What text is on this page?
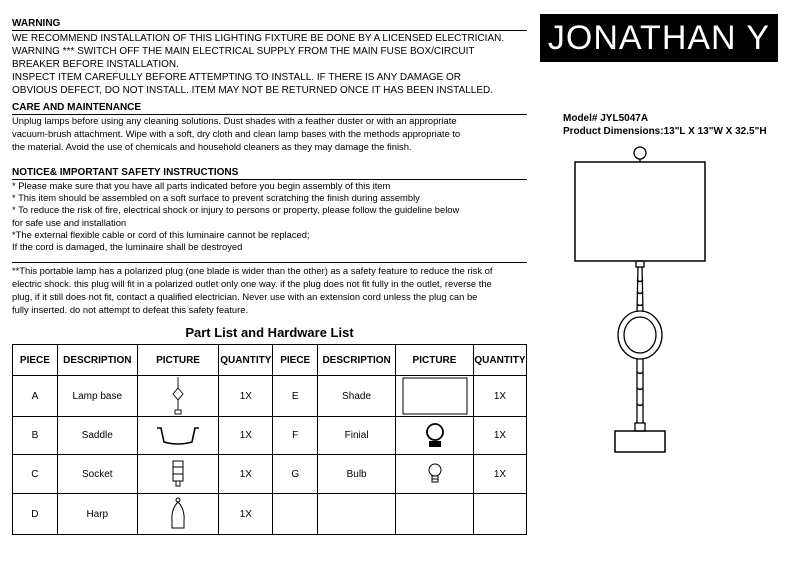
WARNING
WE RECOMMEND INSTALLATION OF THIS LIGHTING FIXTURE BE DONE BY A LICENSED ELECTRICIAN.
WARNING *** SWITCH OFF THE MAIN ELECTRICAL SUPPLY FROM THE MAIN FUSE BOX/CIRCUIT
BREAKER BEFORE INSTALLATION.
INSPECT ITEM CAREFULLY BEFORE ATTEMPTING TO INSTALL. IF THERE IS ANY DAMAGE OR
OBVIOUS DEFECT, DO NOT INSTALL. ITEM MAY NOT BE RETURNED ONCE IT HAS BEEN INSTALLED.
CARE AND MAINTENANCE
Unplug lamps before using any cleaning solutions. Dust shades with a feather duster or with an appropriate
vacuum-brush attachment. Wipe with a soft, dry cloth and clean lamp bases with the methods appropriate to
the material. Avoid the use of chemicals and household cleaners as they may damage the finish.
NOTICE& IMPORTANT SAFETY INSTRUCTIONS
* Please make sure that you have all parts indicated before you begin assembly of this item
* This item should be assembled on a soft surface to prevent scratching the finish during assembly
* To reduce the risk of fire, electrical shock or injury to persons or property, please follow the guideline below
for safe use and installation
*The external flexible cable or cord of this luminaire cannot be replaced;
If the cord is damaged, the luminaire shall be destroyed
**This portable lamp has a polarized plug (one blade is wider than the other) as a safety feature to reduce the risk of
electric shock. this plug will fit in a polarized outlet only one way. if the plug does not fit fully in the outlet, reverse the
plug, if it still does not fit, contact a qualified electrician. Never use with an extension cord unless the plug can be
fully inserted. do not attempt to defeat this safety feature.
JONATHAN Y
Model# JYL5047A
Product Dimensions:13"L X 13"W X 32.5"H
Part List and Hardware List
PIECE	DESCRIPTION	PICTURE	QUANTITY	PIECE	DESCRIPTION	PICTURE	QUANTITY
A	Lamp base		1X	E	Shade		1X
B	Saddle		1X	F	Finial		1X
C	Socket		1X	G	Bulb		1X
D	Harp		1X				
